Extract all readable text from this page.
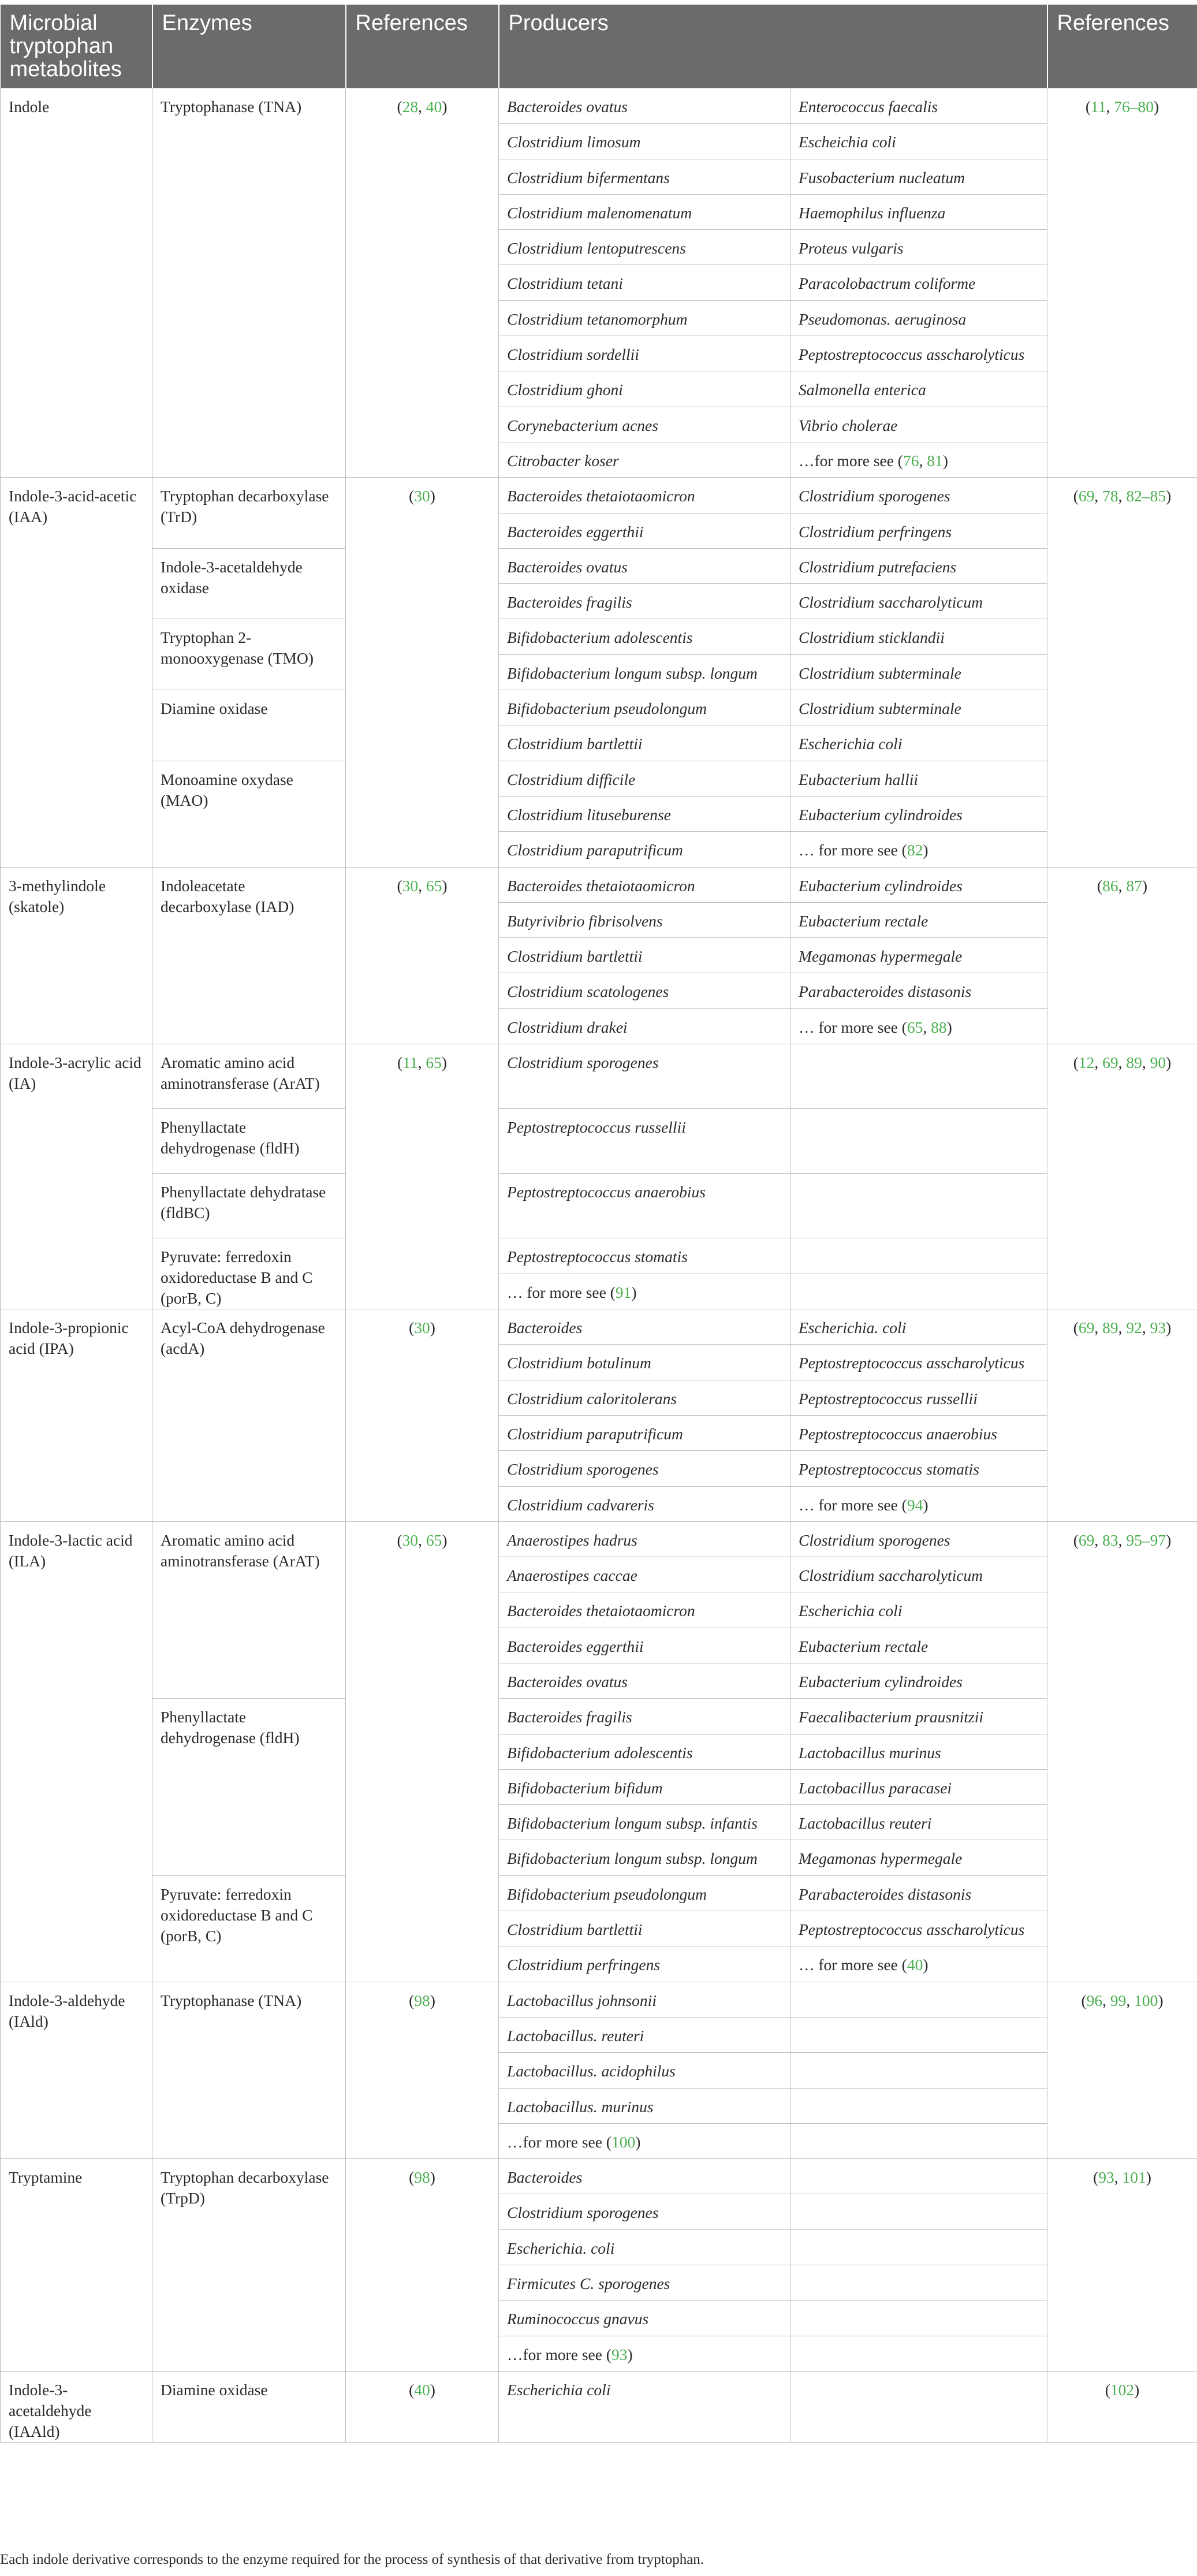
Microbial tryptophan metabolites	Enzymes	References	Producers		References
Indole	Tryptophanase (TNA)	(28, 40)	Bacteroides ovatus	Enterococcus faecalis	(11, 76–80)
			Clostridium limosum	Escheichia coli	
			Clostridium bifermentans	Fusobacterium nucleatum	
			Clostridium malenomenatum	Haemophilus influenza	
			Clostridium lentoputrescens	Proteus vulgaris	
			Clostridium tetani	Paracolobactrum coliforme	
			Clostridium tetanomorphum	Pseudomonas. aeruginosa	
			Clostridium sordellii	Peptostreptococcus asscharolyticus	
			Clostridium ghoni	Salmonella enterica	
			Corynebacterium acnes	Vibrio cholerae	
			Citrobacter koser	…for more see (76, 81)	
Indole-3-acid-acetic (IAA)	Tryptophan decarboxylase (TrD)	(30)	Bacteroides thetaiotaomicron	Clostridium sporogenes	(69, 78, 82–85)
			Bacteroides eggerthii	Clostridium perfringens	
	Indole-3-acetaldehyde oxidase		Bacteroides ovatus	Clostridium putrefaciens	
			Bacteroides fragilis	Clostridium saccharolyticum	
	Tryptophan 2-monooxygenase (TMO)		Bifidobacterium adolescentis	Clostridium sticklandii	
			Bifidobacterium longum subsp. longum	Clostridium subterminale	
	Diamine oxidase		Bifidobacterium pseudolongum	Clostridium subterminale	
			Clostridium bartlettii	Escherichia coli	
	Monoamine oxydase (MAO)		Clostridium difficile	Eubacterium hallii	
			Clostridium lituseburense	Eubacterium cylindroides	
			Clostridium paraputrificum	… for more see (82)	
3-methylindole (skatole)	Indoleacetate decarboxylase (IAD)	(30, 65)	Bacteroides thetaiotaomicron	Eubacterium cylindroides	(86, 87)
			Butyrivibrio fibrisolvens	Eubacterium rectale	
			Clostridium bartlettii	Megamonas hypermegale	
			Clostridium scatologenes	Parabacteroides distasonis	
			Clostridium drakei	… for more see (65, 88)	
Indole-3-acrylic acid (IA)	Aromatic amino acid aminotransferase (ArAT)	(11, 65)	Clostridium sporogenes		(12, 69, 89, 90)
	Phenyllactate dehydrogenase (fldH)		Peptostreptococcus russellii		
	Phenyllactate dehydratase (fldBC)		Peptostreptococcus anaerobius		
	Pyruvate: ferredoxin oxidoreductase B and C (porB, C)		Peptostreptococcus stomatis		
			… for more see (91)		
Indole-3-propionic acid (IPA)	Acyl-CoA dehydrogenase (acdA)	(30)	Bacteroides	Escherichia. coli	(69, 89, 92, 93)
			Clostridium botulinum	Peptostreptococcus asscharolyticus	
			Clostridium caloritolerans	Peptostreptococcus russellii	
			Clostridium paraputrificum	Peptostreptococcus anaerobius	
			Clostridium sporogenes	Peptostreptococcus stomatis	
			Clostridium cadvareris	… for more see (94)	
Indole-3-lactic acid (ILA)	Aromatic amino acid aminotransferase (ArAT)	(30, 65)	Anaerostipes hadrus	Clostridium sporogenes	(69, 83, 95–97)
			Anaerostipes caccae	Clostridium saccharolyticum	
			Bacteroides thetaiotaomicron	Escherichia coli	
			Bacteroides eggerthii	Eubacterium rectale	
			Bacteroides ovatus	Eubacterium cylindroides	
	Phenyllactate dehydrogenase (fldH)		Bacteroides fragilis	Faecalibacterium prausnitzii	
			Bifidobacterium adolescentis	Lactobacillus murinus	
			Bifidobacterium bifidum	Lactobacillus paracasei	
			Bifidobacterium longum subsp. infantis	Lactobacillus reuteri	
			Bifidobacterium longum subsp. longum	Megamonas hypermegale	
	Pyruvate: ferredoxin oxidoreductase B and C (porB, C)		Bifidobacterium pseudolongum	Parabacteroides distasonis	
			Clostridium bartlettii	Peptostreptococcus asscharolyticus	
			Clostridium perfringens	… for more see (40)	
Indole-3-aldehyde (IAld)	Tryptophanase (TNA)	(98)	Lactobacillus johnsonii		(96, 99, 100)
			Lactobacillus. reuteri		
			Lactobacillus. acidophilus		
			Lactobacillus. murinus		
			…for more see (100)		
Tryptamine	Tryptophan decarboxylase (TrpD)	(98)	Bacteroides		(93, 101)
			Clostridium sporogenes		
			Escherichia. coli		
			Firmicutes C. sporogenes		
			Ruminococcus gnavus		
			…for more see (93)		
Indole-3-acetaldehyde (IAAld)	Diamine oxidase	(40)	Escherichia coli		(102)
Each indole derivative corresponds to the enzyme required for the process of synthesis of that derivative from tryptophan.
